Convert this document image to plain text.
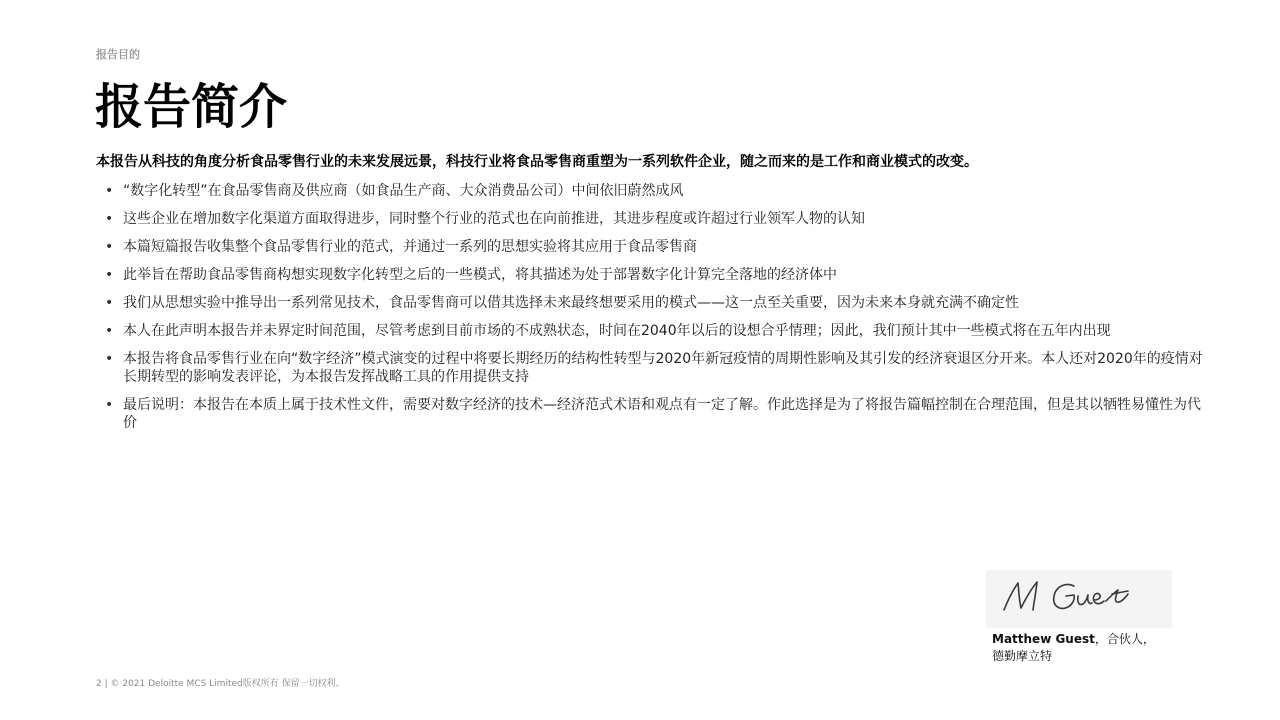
报告目的
报告简介

本报告从科技的角度分析食品零售行业的未来发展远景，科技行业将食品零售商重塑为一系列软件企业，随之而来的是工作和商业模式的改变。

• “数字化转型”在食品零售商及供应商（如食品生产商、大众消费品公司）中间依旧蔚然成风
• 这些企业在增加数字化渠道方面取得进步，同时整个行业的范式也在向前推进，其进步程度或许超过行业领军人物的认知
• 本篇短篇报告收集整个食品零售行业的范式，并通过一系列的思想实验将其应用于食品零售商
• 此举旨在帮助食品零售商构想实现数字化转型之后的一些模式，将其描述为处于部署数字化计算完全落地的经济体中
• 我们从思想实验中推导出一系列常见技术，食品零售商可以借其选择未来最终想要采用的模式——这一点至关重要，因为未来本身就充满不确定性
• 本人在此声明本报告并未界定时间范围，尽管考虑到目前市场的不成熟状态，时间在2040年以后的设想合乎情理；因此，我们预计其中一些模式将在五年内出现
• 本报告将食品零售行业在向“数字经济”模式演变的过程中将要长期经历的结构性转型与2020年新冠疫情的周期性影响及其引发的经济衰退区分开来。本人还对2020年的疫情对长期转型的影响发表评论，为本报告发挥战略工具的作用提供支持
• 最后说明：本报告在本质上属于技术性文件，需要对数字经济的技术—经济范式术语和观点有一定了解。作此选择是为了将报告篇幅控制在合理范围，但是其以牺牲易懂性为代价
Matthew Guest，合伙人，
德勤摩立特
2 | © 2021 Deloitte MCS Limited版权所有 保留一切权利。
